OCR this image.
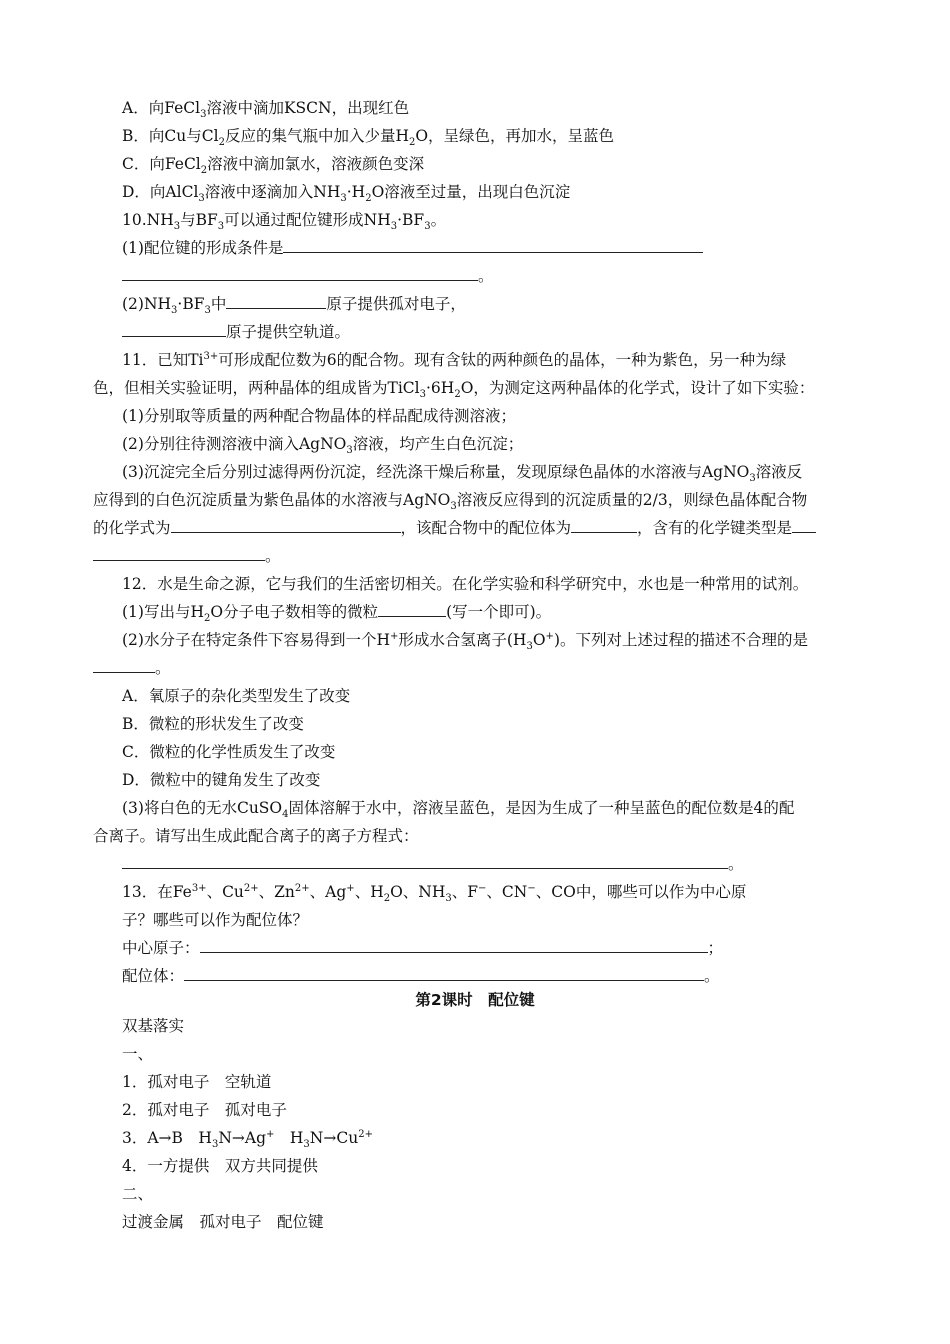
A．向FeCl$_3$溶液中滴加KSCN，出现红色
B．向Cu与$Cl_2$反应的集气瓶中加入少量$H_2O$，呈绿色，再加水，呈蓝色
C．向FeCl$_2$溶液中滴加氯水，溶液颜色变深
D．向AlCl$_3$溶液中逐滴加入$NH_3\cdot H_2O$溶液至过量，出现白色沉淀
$10.NH_3$与$BF_3$可以通过配位键形成$NH_3\cdot BF_3$。
(1)配位键的形成条件是
。
$(2)NH_3\cdot BF_3$中	原子提供孤对电子，
原子提供空轨道。
11．已知$Ti^{3+}$可形成配位数为6的配合物。现有含钛的两种颜色的晶体，一种为紫色，另一种为绿
色，但相关实验证明，两种晶体的组成皆为$TiCl_3\cdot 6H_2O$，为测定这两种晶体的化学式，设计了如下实验：
(1)分别取等质量的两种配合物晶体的样品配成待测溶液；
(2)分别往待测溶液中滴入AgNO$_3$溶液，均产生白色沉淀；
(3)沉淀完全后分别过滤得两份沉淀，经洗涤干燥后称量，发现原绿色晶体的水溶液与AgNO$_3$溶液反
应得到的白色沉淀质量为紫色晶体的水溶液与AgNO$_3$溶液反应得到的沉淀质量的2/3，则绿色晶体配合物
的化学式为	，该配合物中的配位体为	，含有的化学键类型是
。
12．水是生命之源，它与我们的生活密切相关。在化学实验和科学研究中，水也是一种常用的试剂。
(1)写出与$H_2O$分子电子数相等的微粒	(写一个即可)。
(2)水分子在特定条件下容易得到一个H+形成水合氢离子$(H_3O^+)$。下列对上述过程的描述不合理的是
。
A．氧原子的杂化类型发生了改变
B．微粒的形状发生了改变
C．微粒的化学性质发生了改变
D．微粒中的键角发生了改变
(3)将白色的无水CuSO$_4$固体溶解于水中，溶液呈蓝色，是因为生成了一种呈蓝色的配位数是4的配
合离子。请写出生成此配合离子的离子方程式：
。
13．在$Fe^{3+}$、$Cu^{2+}$、$Zn^{2+}$、Ag+、$H_2O$、$NH_3$、F−、CN−、CO中，哪些可以作为中心原
子？哪些可以作为配位体？
中心原子：	；
配位体：	。
第2课时　配位键
双基落实
一、
1．孤对电子　空轨道
2．孤对电子　孤对电子
3．A→B　$H_3N\to Ag^+$　$H_3N\to Cu^{2+}$
4．一方提供　双方共同提供
二、
过渡金属　孤对电子　配位键
